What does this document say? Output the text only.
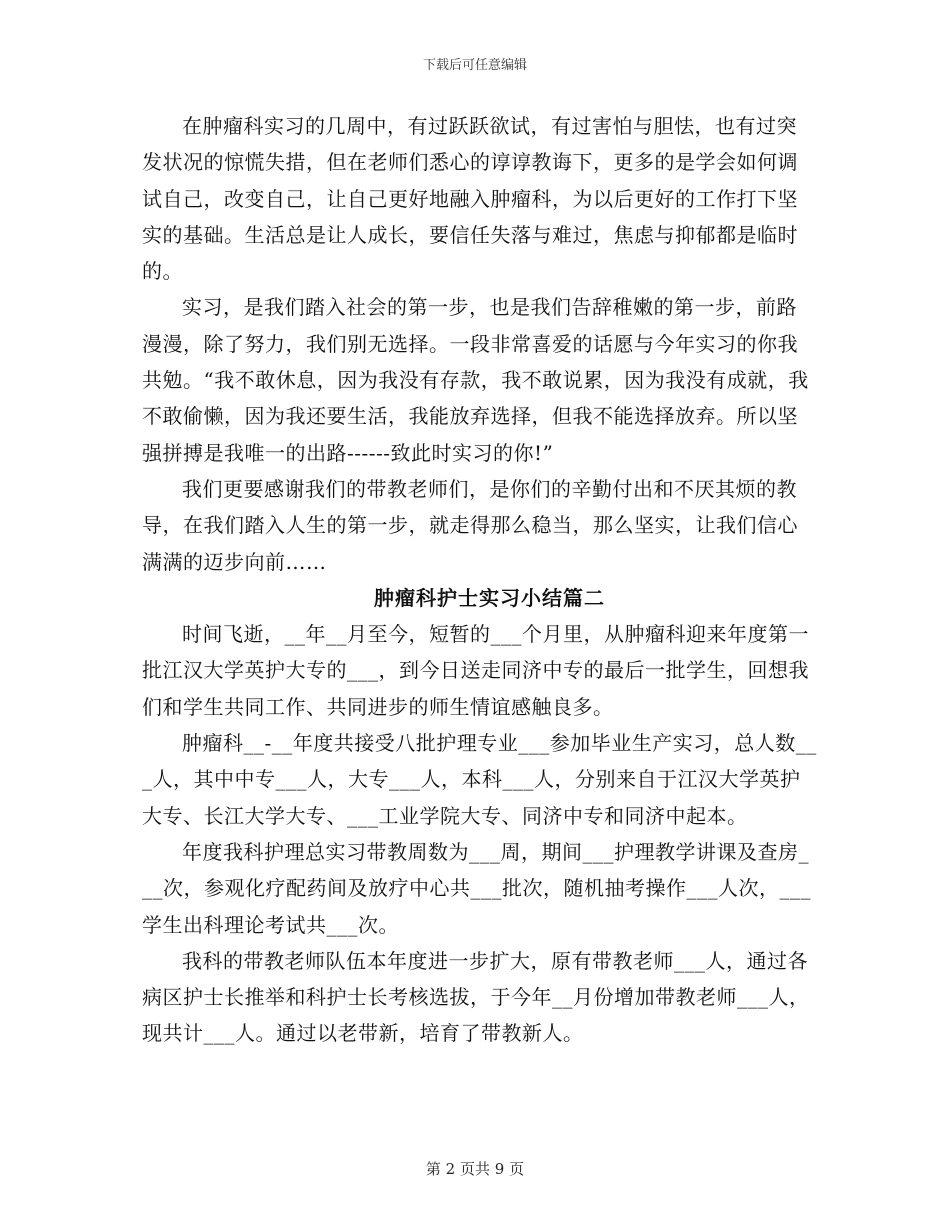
下载后可任意编辑

在肿瘤科实习的几周中，有过跃跃欲试，有过害怕与胆怯，也有过突发状况的惊慌失措，但在老师们悉心的谆谆教诲下，更多的是学会如何调试自己，改变自己，让自己更好地融入肿瘤科，为以后更好的工作打下坚实的基础。生活总是让人成长，要信任失落与难过，焦虑与抑郁都是临时的。

实习，是我们踏入社会的第一步，也是我们告辞稚嫩的第一步，前路漫漫，除了努力，我们别无选择。一段非常喜爱的话愿与今年实习的你我共勉。“我不敢休息，因为我没有存款，我不敢说累，因为我没有成就，我不敢偷懒，因为我还要生活，我能放弃选择，但我不能选择放弃。所以坚强拼搏是我唯一的出路------致此时实习的你!”

我们更要感谢我们的带教老师们，是你们的辛勤付出和不厌其烦的教导，在我们踏入人生的第一步，就走得那么稳当，那么坚实，让我们信心满满的迈步向前……

肿瘤科护士实习小结篇二

时间飞逝，__年__月至今，短暂的___个月里，从肿瘤科迎来年度第一批江汉大学英护大专的___，到今日送走同济中专的最后一批学生，回想我们和学生共同工作、共同进步的师生情谊感触良多。

肿瘤科__-__年度共接受八批护理专业___参加毕业生产实习，总人数___人，其中中专___人，大专___人，本科___人，分别来自于江汉大学英护大专、长江大学大专、___工业学院大专、同济中专和同济中起本。

年度我科护理总实习带教周数为___周，期间___护理教学讲课及查房___次，参观化疗配药间及放疗中心共___批次，随机抽考操作___人次，___学生出科理论考试共___次。

我科的带教老师队伍本年度进一步扩大，原有带教老师___人，通过各病区护士长推举和科护士长考核选拔，于今年__月份增加带教老师___人，现共计___人。通过以老带新，培育了带教新人。

第 2 页共 9 页
